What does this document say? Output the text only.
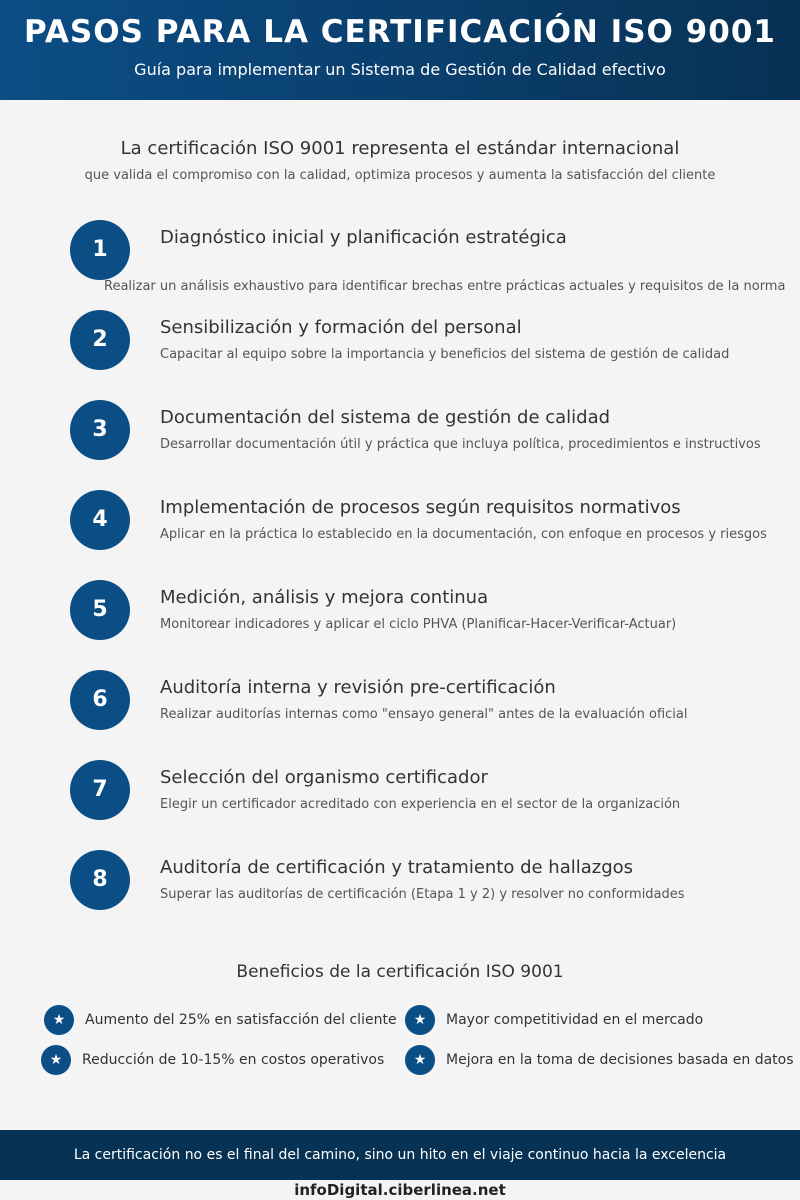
PASOS PARA LA CERTIFICACIÓN ISO 9001
Guía para implementar un Sistema de Gestión de Calidad efectivo
La certificación ISO 9001 representa el estándar internacional
que valida el compromiso con la calidad, optimiza procesos y aumenta la satisfacción del cliente
1	Diagnóstico inicial y planificación estratégica
Realizar un análisis exhaustivo para identificar brechas entre prácticas actuales y requisitos de la norma
2	Sensibilización y formación del personal
Capacitar al equipo sobre la importancia y beneficios del sistema de gestión de calidad
3	Documentación del sistema de gestión de calidad
Desarrollar documentación útil y práctica que incluya política, procedimientos e instructivos
4	Implementación de procesos según requisitos normativos
Aplicar en la práctica lo establecido en la documentación, con enfoque en procesos y riesgos
5	Medición, análisis y mejora continua
Monitorear indicadores y aplicar el ciclo PHVA (Planificar-Hacer-Verificar-Actuar)
6	Auditoría interna y revisión pre-certificación
Realizar auditorías internas como "ensayo general" antes de la evaluación oficial
7	Selección del organismo certificador
Elegir un certificador acreditado con experiencia en el sector de la organización
8	Auditoría de certificación y tratamiento de hallazgos
Superar las auditorías de certificación (Etapa 1 y 2) y resolver no conformidades
Beneficios de la certificación ISO 9001
★	Aumento del 25% en satisfacción del cliente	★	Mayor competitividad en el mercado
★	Reducción de 10-15% en costos operativos	★	Mejora en la toma de decisiones basada en datos
La certificación no es el final del camino, sino un hito en el viaje continuo hacia la excelencia
infoDigital.ciberlinea.net
